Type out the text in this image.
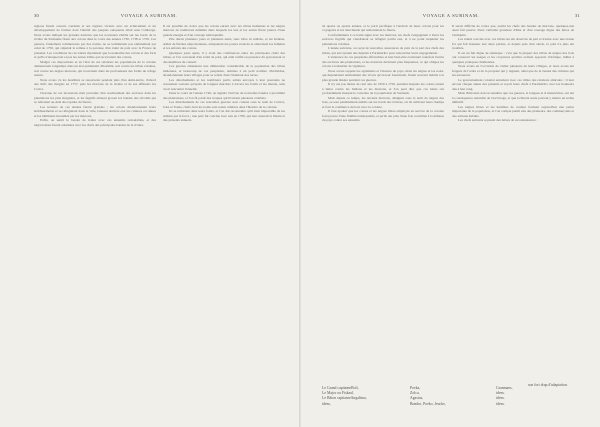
30	VOYAGE A SURINAM.

régions furent ouverts conduits et ses régions vivants avec un achèvement et un développement de formes dont l'intérêt des peuples européens allait sans l'ombrage. Nous avons indiqué les grandes terrières que les nouveaux établis sur les bords de la rivière du Suriname firent aux colons dans le cours des années 1730, 1738 et 1750. Ces guerres, fatalement commencées par des traites, ne se terminèrent pas entièrement par celui de 1750, qui stipulait la remise à la paroisse d'un traité de paix avec la France de présents. Les conditions de ces traités stipulaient que la neutralité des colons et des forts et qu'ils n'attaqueront et pas les autres tribus qui recevraient des colons.

Malgré ces dispositions et en l'état de ces relations les populations de la colonie demeurèrent longtemps dans un état permanent d'hostilité, soit contre les tribus voisines, soit contre les nègres marrons, qui trouvaient dans les profondeurs des forêts un refuge assuré.

Nous avons vu les hostilités se renouveler pendant plus d'un demi-siècle, d'abord des Juifs des Jungles en 1757, puis les marrons de la rivière et de ses affluents les Cotica.

Chacune de ces incursions était précédée d'un soulèvement des esclaves dans les plantations les plus éloignées, et les fugitifs allaient grossir les bandes des révoltés qui se retiraient au-delà des rapides du fleuve.

Les terreurs de ces années furent grandes ; les colons abandonnaient leurs établissements et se réfugiaient dans la ville, laissant derrière eux les cultures en ruines et les bâtiments incendiés par les marrons.

Enfin, on sentit le besoin de traiter avec ces ennemis redoutables, et des négociations furent entamées avec les chefs des principales bandes de la rivière.

Il est possible de croire que les colons eurent avec les tribus indiennes et les nègres marrons de nombreux démêlés dans lesquels les uns et les autres firent preuve d'une grande énergie et d'un courage remarquable.

Elle durait plusieurs jours et plusieurs nuits, sans trêve ni relâche, et les Indiens, armés de flèches empoisonnées, attaquaient les postes avancés et enlevaient les femmes et les enfants des colons.

Quelques jours après, il y avait des conférences entre les principaux chefs des tribus, et l'on convenait d'un traité de paix, qui était ratifié en présence du gouverneur et des membres du conseil.

Ces guerres amenèrent une diminution considérable de la population des tribus indiennes, et beaucoup de ces peuplades, réduites à un petit nombre d'individus, abandonnèrent leurs villages pour se retirer dans l'intérieur des terres.

Les détachements et les nombreux partis armés envoyés à leur poursuite ne revenaient souvent qu'après de longues marches à travers les forêts et les marais, sans avoir rencontré l'ennemi.

Dans le cours de l'année 1749, on signala l'arrivée de nouvelles bandes à proximité des plantations, et l'on fit partir des troupes qui livrèrent plusieurs combats.

Les détachements de ces nouvelles guerres sont connus sous le nom de Cottica, Joka et Toeka, chefs dont les noms sont restés célèbres dans l'histoire de la colonie.

Ils se retirèrent dans leurs forêts, et l'on dut reconnaître qu'il était impossible de les réduire par la force ; une paix fut conclue avec eux en 1760, qui leur assurait la liberté et des présents annuels.

VOYAGE A SURINAM.	31

de quatre ou quatre années, et le parti pacifique à l'endroit de leurs colons pour les voyageurs et les marchands qui remontaient le fleuve.

Conformément à ce traité signé avec les marrons, les chefs s'engagèrent à livrer les esclaves fugitifs qui viendraient se réfugier parmi eux, et à ne point inquiéter les plantations voisines.

L'année suivante, on reçut de nouvelles assurances de paix de la part des chefs des tribus, qui envoyèrent des députés à Paramaribo pour renouveler leurs engagements.

L'existence de ces peuplades affranchies et leur bien-être excitèrent toutefois l'envie des esclaves des plantations, et les évasions devinrent plus fréquentes, ce qui obligea les colons à redoubler de vigilance.

Nous avons rappelé les agréments et l'aisance du pays, mais les nègres et les noirs, qui dépendaient entièrement des vivres qu'on leur fournissait, furent souvent réduits à la plus grande misère pendant ces guerres.

Il n'y eut pas moins de cent ans, de 1650 à 1750, pendant lesquels les colons eurent à lutter contre les Indiens et les marrons, et l'on peut dire que ces luttes ont profondément marqué le caractère de la population de Surinam.

Mais depuis ce temps, les anciens marrons, désignés sous le nom de nègres des bois, se sont paisiblement établis sur les bords des rivières, où ils cultivent leurs champs et font le commerce du bois avec la colonie.

Il faut ajouter que les colons et les nègres libres employés au service de la colonie font preuve d'une fidélité remarquable, et qu'ils ont plus d'une fois contribué à la défense du pays contre ses ennemis.

Il serait difficile de croire que, parmi les chefs des bandes de marrons, quelques-uns aient fait preuve d'une véritable grandeur d'âme et d'un courage digne des héros de l'antiquité.

Les traités conclus avec ces tribus ont été observés de part et d'autre avec une bonne foi qui fait honneur aux deux parties, et depuis près d'un siècle, la paix n'a plus été troublée.

Il est un fait digne de remarque : c'est que la plupart des tribus de nègres des bois ont conservé les usages et les croyances qu'elles avaient apportés d'Afrique, mêlés à quelques pratiques chrétiennes.

Nous avons eu l'occasion de visiter plusieurs de leurs villages, et nous avons été frappés de l'ordre et de la propreté qui y règnent, ainsi que de la beauté des cultures qui les entourent.

Le gouvernement colonial entretient avec ces tribus des relations amicales ; il leur envoie chaque année des présents et reçoit leurs chefs à Paramaribo avec les honneurs dus à leur rang.

Mais l'historien doit reconnaître que ces guerres, si longues et si meurtrières, ont été la conséquence naturelle de l'esclavage, et que la liberté seule pouvait y mettre un terme définitif.

Les nègres libres et les hommes de couleur forment aujourd'hui une partie importante de la population, et l'on compte parmi eux des planteurs, des commerçants et des artisans habiles.

Les chefs suivants reçurent des lettres de reconnaissance :

son fort drap d'adaptation.
Le Grand capitaineBoli,	Poeka,	Granmans,
Le Major ou Fiskaal,	Zolca,	idem.
Le Bâton capitaineAngalima,	Agastus,	idem.
idem,	Bombo, Poeko, Jeucke,	idem.
